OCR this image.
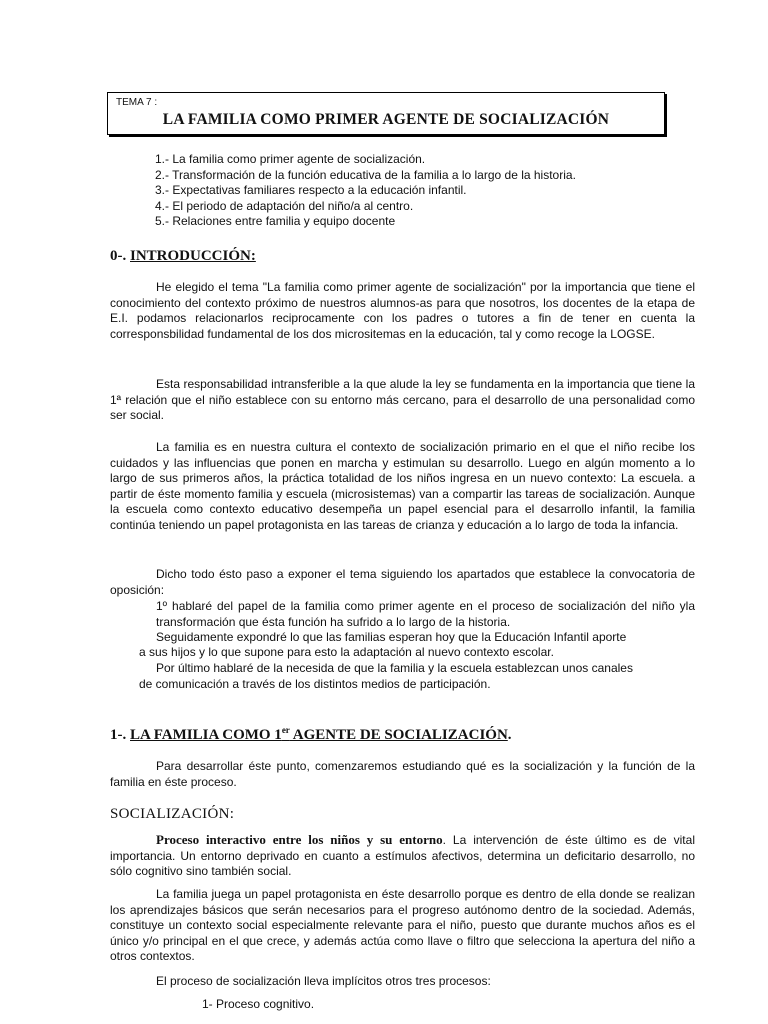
TEMA 7 :
LA FAMILIA COMO PRIMER AGENTE DE SOCIALIZACIÓN
1.- La familia como primer agente de socialización.
2.- Transformación de la función educativa de la familia a lo largo de la historia.
3.- Expectativas familiares respecto a la educación infantil.
4.- El periodo de adaptación del niño/a al centro.
5.- Relaciones entre familia y equipo docente
0-. INTRODUCCIÓN:
He elegido el tema "La familia como primer agente de socialización" por la importancia que tiene el conocimiento del contexto próximo de nuestros alumnos-as para que nosotros, los docentes de la etapa de E.I. podamos relacionarlos reciprocamente con los padres o tutores a fin de tener en cuenta la corresponsbilidad fundamental de los dos micrositemas en la educación, tal y como recoge la LOGSE.
Esta responsabilidad intransferible a la que alude la ley se fundamenta en la importancia que tiene la 1ª relación que el niño establece con su entorno más cercano, para el desarrollo de una personalidad como ser social.
La familia es en nuestra cultura el contexto de socialización primario en el que el niño recibe los cuidados y las influencias que ponen en marcha y estimulan su desarrollo. Luego en algún momento a lo largo de sus primeros años, la práctica totalidad de los niños ingresa en un nuevo contexto: La escuela. a partir de éste momento familia y escuela (microsistemas) van a compartir las tareas de socialización. Aunque la escuela como contexto educativo desempeña un papel esencial para el desarrollo infantil, la familia continúa teniendo un papel protagonista en las tareas de crianza y educación a lo largo de toda la infancia.
Dicho todo ésto paso a exponer el tema siguiendo los apartados que establece la convocatoria de oposición:
1º hablaré del papel de la familia como primer agente en el proceso de socialización del niño yla transformación que ésta función ha sufrido a lo largo de la historia.
Seguidamente expondré lo que las familias esperan hoy que la Educación Infantil aporte
a sus hijos y lo que supone para esto la adaptación al nuevo contexto escolar.
Por último hablaré de la necesida de que la familia y la escuela establezcan unos canales
de comunicación a través de los distintos medios de participación.
1-. LA FAMILIA COMO 1er AGENTE DE SOCIALIZACIÓN.
Para desarrollar éste punto, comenzaremos estudiando qué es la socialización y la función de la familia en éste proceso.
SOCIALIZACIÓN:
Proceso interactivo entre los niños y su entorno. La intervención de éste último es de vital importancia. Un entorno deprivado en cuanto a estímulos afectivos, determina un deficitario desarrollo, no sólo cognitivo sino también social.
La familia juega un papel protagonista en éste desarrollo porque es dentro de ella donde se realizan los aprendizajes básicos que serán necesarios para el progreso autónomo dentro de la sociedad. Además, constituye un contexto social especialmente relevante para el niño, puesto que durante muchos años es el único y/o principal en el que crece, y además actúa como llave o filtro que selecciona la apertura del niño a otros contextos.
El proceso de socialización lleva implícitos otros tres procesos:
1- Proceso cognitivo.
